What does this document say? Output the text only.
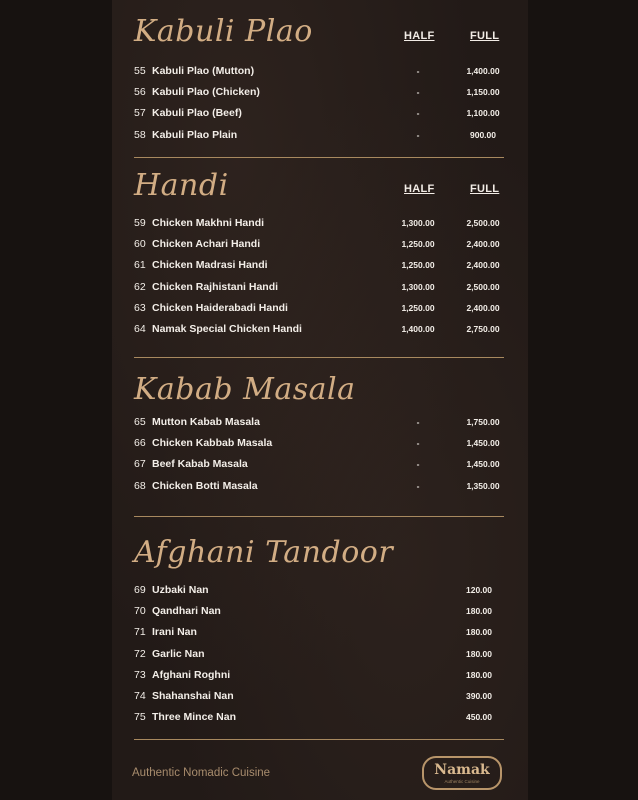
Kabuli Plao	HALF	FULL
55 Kabuli Plao (Mutton)	-	1,400.00
56 Kabuli Plao (Chicken)	-	1,150.00
57 Kabuli Plao (Beef)	-	1,100.00
58 Kabuli Plao Plain	-	900.00
Handi	HALF	FULL
59 Chicken Makhni Handi	1,300.00	2,500.00
60 Chicken Achari Handi	1,250.00	2,400.00
61 Chicken Madrasi Handi	1,250.00	2,400.00
62 Chicken Rajhistani Handi	1,300.00	2,500.00
63 Chicken Haiderabadi Handi	1,250.00	2,400.00
64 Namak Special Chicken Handi	1,400.00	2,750.00
Kabab Masala
65 Mutton Kabab Masala	-	1,750.00
66 Chicken Kabbab Masala	-	1,450.00
67 Beef Kabab Masala	-	1,450.00
68 Chicken Botti Masala	-	1,350.00
Afghani Tandoor
69 Uzbaki Nan	120.00
70 Qandhari Nan	180.00
71 Irani Nan	180.00
72 Garlic Nan	180.00
73 Afghani Roghni	180.00
74 Shahanshai Nan	390.00
75 Three Mince Nan	450.00
Authentic Nomadic Cuisine	Namak
Authentic Cuisine
